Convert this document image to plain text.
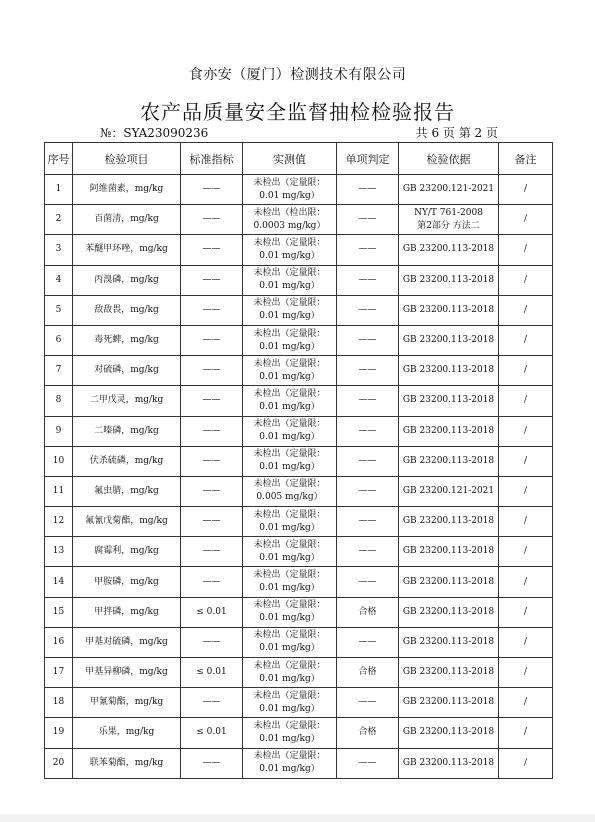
食亦安（厦门）检测技术有限公司
农产品质量安全监督抽检检验报告
№：SYA23090236	共 6 页 第 2 页
序号	检验项目	标准指标	实测值	单项判定	检验依据	备注
1	阿维菌素，mg/kg	——	未检出（定量限：
0.01 mg/kg）	——	GB 23200.121-2021	/
2	百菌清，mg/kg	——	未检出（检出限：
0.0003 mg/kg）	——	NY/T 761-2008
第2部分 方法二	/
3	苯醚甲环唑，mg/kg	——	未检出（定量限：
0.01 mg/kg）	——	GB 23200.113-2018	/
4	丙溴磷，mg/kg	——	未检出（定量限：
0.01 mg/kg）	——	GB 23200.113-2018	/
5	敌敌畏，mg/kg	——	未检出（定量限：
0.01 mg/kg）	——	GB 23200.113-2018	/
6	毒死蜱，mg/kg	——	未检出（定量限：
0.01 mg/kg）	——	GB 23200.113-2018	/
7	对硫磷，mg/kg	——	未检出（定量限：
0.01 mg/kg）	——	GB 23200.113-2018	/
8	二甲戊灵，mg/kg	——	未检出（定量限：
0.01 mg/kg）	——	GB 23200.113-2018	/
9	二嗪磷，mg/kg	——	未检出（定量限：
0.01 mg/kg）	——	GB 23200.113-2018	/
10	伏杀硫磷，mg/kg	——	未检出（定量限：
0.01 mg/kg）	——	GB 23200.113-2018	/
11	氟虫腈，mg/kg	——	未检出（定量限：
0.005 mg/kg）	——	GB 23200.121-2021	/
12	氟氰戊菊酯，mg/kg	——	未检出（定量限：
0.01 mg/kg）	——	GB 23200.113-2018	/
13	腐霉利，mg/kg	——	未检出（定量限：
0.01 mg/kg）	——	GB 23200.113-2018	/
14	甲胺磷，mg/kg	——	未检出（定量限：
0.01 mg/kg）	——	GB 23200.113-2018	/
15	甲拌磷，mg/kg	≤ 0.01	未检出（定量限：
0.01 mg/kg）	合格	GB 23200.113-2018	/
16	甲基对硫磷，mg/kg	——	未检出（定量限：
0.01 mg/kg）	——	GB 23200.113-2018	/
17	甲基异柳磷，mg/kg	≤ 0.01	未检出（定量限：
0.01 mg/kg）	合格	GB 23200.113-2018	/
18	甲氰菊酯，mg/kg	——	未检出（定量限：
0.01 mg/kg）	——	GB 23200.113-2018	/
19	乐果，mg/kg	≤ 0.01	未检出（定量限：
0.01 mg/kg）	合格	GB 23200.113-2018	/
20	联苯菊酯，mg/kg	——	未检出（定量限：
0.01 mg/kg）	——	GB 23200.113-2018	/
